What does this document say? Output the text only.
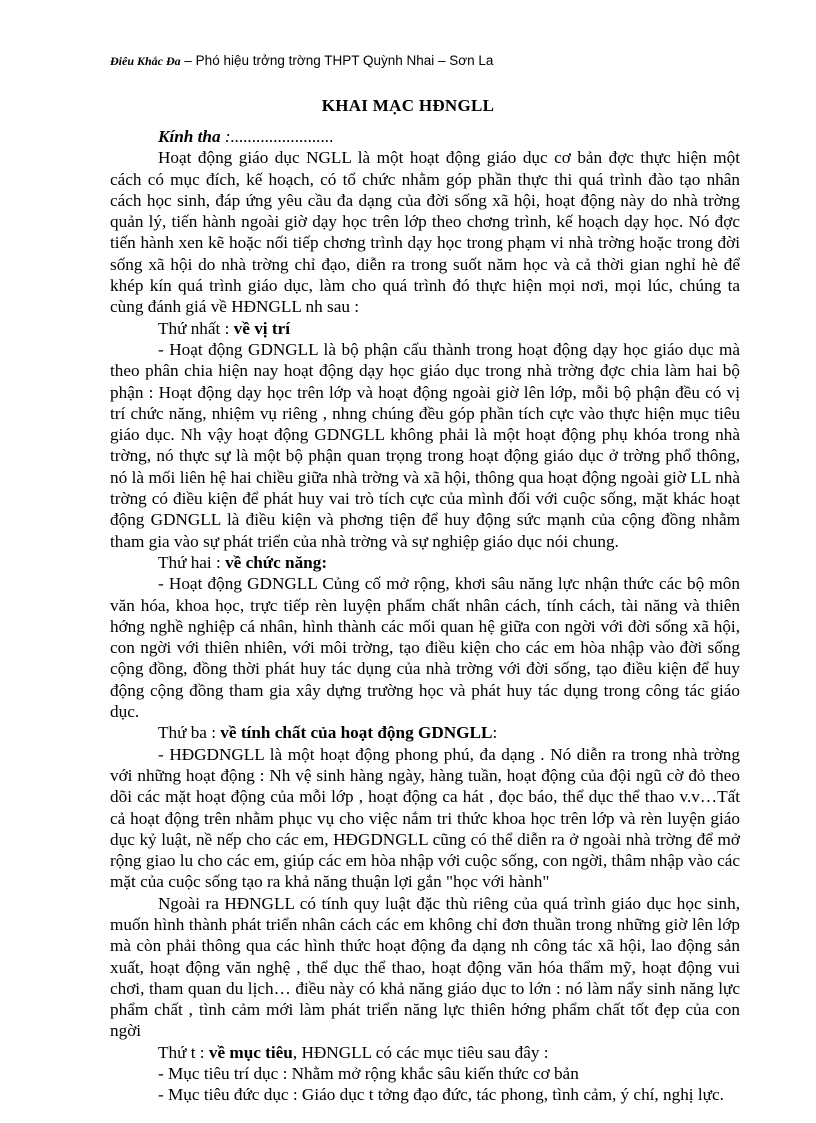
Điêu Khắc Đa – Phó hiệu trởng trờng THPT Quỳnh Nhai – Sơn La
KHAI MẠC HĐNGLL

Kính tha :........................

Hoạt động giáo dục NGLL là một hoạt động giáo dục cơ bản đợc thực hiện một cách có mục đích, kế hoạch, có tổ chức nhằm góp phần thực thi quá trình đào tạo nhân cách học sinh, đáp ứng yêu cầu đa dạng của đời sống xã hội, hoạt động này do nhà trờng quản lý, tiến hành ngoài giờ dạy học trên lớp theo chơng trình, kế hoạch dạy học. Nó đợc tiến hành xen kẽ hoặc nối tiếp chơng trình dạy học trong phạm vi nhà trờng hoặc trong đời sống xã hội do nhà trờng chỉ đạo, diễn ra trong suốt năm học và cả thời gian nghỉ hè để khép kín quá trình giáo dục, làm cho quá trình đó thực hiện mọi nơi, mọi lúc, chúng ta cùng đánh giá về HĐNGLL nh sau :

Thứ nhất : về vị trí

- Hoạt động GDNGLL là bộ phận cấu thành trong hoạt động dạy học giáo dục mà theo phân chia hiện nay hoạt động dạy học giáo dục trong nhà trờng đợc chia làm hai bộ phận : Hoạt động dạy học trên lớp và hoạt động ngoài giờ lên lớp, mỗi bộ phận đều có vị trí chức năng, nhiệm vụ riêng , nhng chúng đều góp phần tích cực vào thực hiện mục tiêu giáo dục. Nh vậy hoạt động GDNGLL không phải là một hoạt động phụ khóa trong nhà trờng, nó thực sự là một bộ phận quan trọng trong hoạt động giáo dục ở trờng phổ thông, nó là mối liên hệ hai chiều giữa nhà trờng và xã hội, thông qua hoạt động ngoài giờ LL nhà trờng có điều kiện để phát huy vai trò tích cực của mình đối với cuộc sống, mặt khác hoạt động GDNGLL là điều kiện và phơng tiện để huy động sức mạnh của cộng đồng nhằm tham gia vào sự phát triển của nhà trờng và sự nghiệp giáo dục nói chung.

Thứ hai : về chức năng:

- Hoạt động GDNGLL Củng cố mở rộng, khơi sâu năng lực nhận thức các bộ môn văn hóa, khoa học, trực tiếp rèn luyện phẩm chất nhân cách, tính cách, tài năng và thiên hớng nghề nghiệp cá nhân, hình thành các mối quan hệ giữa con ngời với đời sống xã hội, con ngời với thiên nhiên, với môi trờng, tạo điều kiện cho các em hòa nhập vào đời sống cộng đồng, đồng thời phát huy tác dụng của nhà trờng với đời sống, tạo điều kiện để huy động cộng đồng tham gia xây dựng trường học và phát huy tác dụng trong công tác giáo dục.

Thứ ba : về tính chất của hoạt động GDNGLL:

- HĐGDNGLL là một hoạt động phong phú, đa dạng . Nó diễn ra trong nhà trờng với những hoạt động : Nh vệ sinh hàng ngày, hàng tuần, hoạt động của đội ngũ cờ đỏ theo dõi các mặt hoạt động của mỗi lớp , hoạt động ca hát , đọc báo, thể dục thể thao v.v…Tất cả hoạt động trên nhằm phục vụ cho việc nắm tri thức khoa học trên lớp và rèn luyện giáo dục kỷ luật, nề nếp cho các em, HĐGDNGLL cũng có thể diễn ra ở ngoài nhà trờng để mở rộng giao lu cho các em, giúp các em hòa nhập với cuộc sống, con ngời, thâm nhập vào các mặt của cuộc sống tạo ra khả năng thuận lợi gắn "học với hành"

Ngoài ra HĐNGLL có tính quy luật đặc thù riêng của quá trình giáo dục học sinh, muốn hình thành phát triển nhân cách các em không chỉ đơn thuần trong những giờ lên lớp mà còn phải thông qua các hình thức hoạt động đa dạng nh công tác xã hội, lao động sản xuất, hoạt động văn nghệ , thể dục thể thao, hoạt động văn hóa thẩm mỹ, hoạt động vui chơi, tham quan du lịch… điều này có khả năng giáo dục to lớn : nó làm nẩy sinh năng lực phẩm chất , tình cảm mới làm phát triển năng lực thiên hớng phẩm chất tốt đẹp của con ngời

Thứ t : về mục tiêu, HĐNGLL có các mục tiêu sau đây :

- Mục tiêu trí dục : Nhằm mở rộng khắc sâu kiến thức cơ bản

- Mục tiêu đức dục : Giáo dục t tởng đạo đức, tác phong, tình cảm, ý chí, nghị lực.
